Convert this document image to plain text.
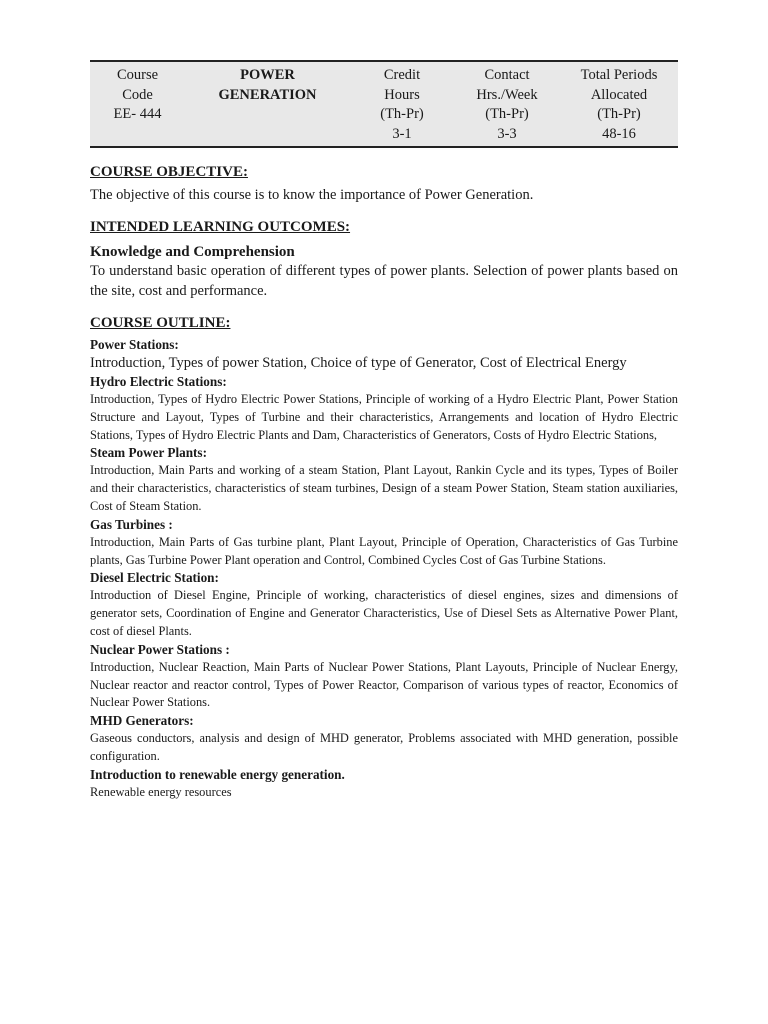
Course
Code
EE- 444
POWER
GENERATION
Credit
Hours
(Th-Pr)
3-1
Contact
Hrs./Week
(Th-Pr)
3-3
Total Periods
Allocated
(Th-Pr)
48-16

COURSE OBJECTIVE:

The objective of this course is to know the importance of Power Generation.

INTENDED LEARNING OUTCOMES:

Knowledge and Comprehension

To understand basic operation of different types of power plants. Selection of power plants based on the site, cost and performance.

COURSE OUTLINE:

Power Stations:

Introduction, Types of power Station, Choice of type of Generator, Cost of Electrical Energy

Hydro Electric Stations:

Introduction, Types of Hydro Electric Power Stations, Principle of working of a Hydro Electric Plant, Power Station Structure and Layout, Types of Turbine and their characteristics, Arrangements and location of Hydro Electric Stations, Types of Hydro Electric Plants and Dam, Characteristics of Generators, Costs of Hydro Electric Stations,

Steam Power Plants:

Introduction, Main Parts and working of a steam Station, Plant Layout, Rankin Cycle and its types, Types of Boiler and their characteristics, characteristics of steam turbines, Design of a steam Power Station, Steam station auxiliaries, Cost of Steam Station.

Gas Turbines :

Introduction, Main Parts of Gas turbine plant, Plant Layout, Principle of Operation, Characteristics of Gas Turbine plants, Gas Turbine Power Plant operation and Control, Combined Cycles Cost of Gas Turbine Stations.

Diesel Electric Station:

Introduction of Diesel Engine, Principle of working, characteristics of diesel engines, sizes and dimensions of generator sets, Coordination of Engine and Generator Characteristics, Use of Diesel Sets as Alternative Power Plant, cost of diesel Plants.

Nuclear Power Stations :

Introduction, Nuclear Reaction, Main Parts of Nuclear Power Stations, Plant Layouts, Principle of Nuclear Energy, Nuclear reactor and reactor control, Types of Power Reactor, Comparison of various types of reactor, Economics of Nuclear Power Stations.

MHD Generators:

Gaseous conductors, analysis and design of MHD generator, Problems associated with MHD generation, possible configuration.

Introduction to renewable energy generation.

Renewable energy resources
